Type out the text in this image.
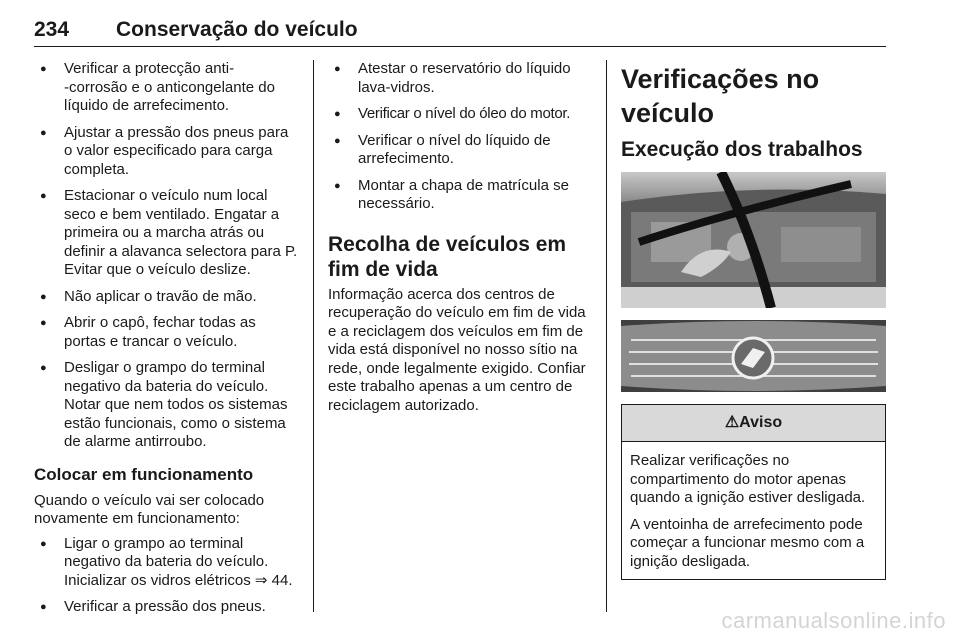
234 Conservação do veículo
● Verificar a protecção anti-
-corrosão e o anticongelante do líquido de arrefecimento.
● Ajustar a pressão dos pneus para o valor especificado para carga completa.
● Estacionar o veículo num local seco e bem ventilado. Engatar a primeira ou a marcha atrás ou definir a alavanca selectora para P. Evitar que o veículo deslize.
● Não aplicar o travão de mão.
● Abrir o capô, fechar todas as portas e trancar o veículo.
● Desligar o grampo do terminal negativo da bateria do veículo. Notar que nem todos os sistemas estão funcionais, como o sistema de alarme antirroubo.
Colocar em funcionamento

Quando o veículo vai ser colocado novamente em funcionamento:

● Ligar o grampo ao terminal negativo da bateria do veículo. Inicializar os vidros elétricos ⇒ 44.
● Verificar a pressão dos pneus.
● Atestar o reservatório do líquido lava-vidros.
● Verificar o nível do óleo do motor.
● Verificar o nível do líquido de arrefecimento.
● Montar a chapa de matrícula se necessário.
Recolha de veículos em fim de vida

Informação acerca dos centros de recuperação do veículo em fim de vida e a reciclagem dos veículos em fim de vida está disponível no nosso sítio na rede, onde legalmente exigido. Confiar este trabalho apenas a um centro de reciclagem autorizado.

Verificações no veículo
Execução dos trabalhos
⚠Aviso

Realizar verificações no compartimento do motor apenas quando a ignição estiver desligada.

A ventoinha de arrefecimento pode começar a funcionar mesmo com a ignição desligada.

carmanualsonline.info
